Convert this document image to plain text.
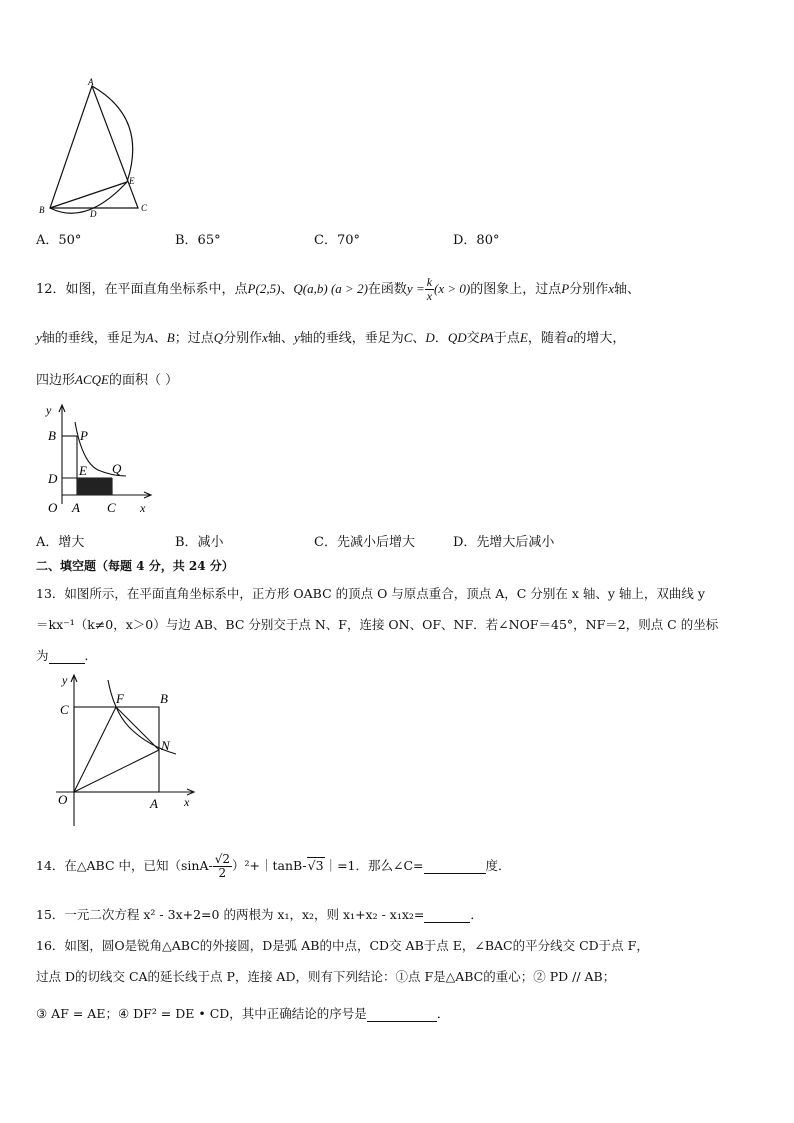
A
B	C
D
E
A．50°	B．65°	C．70°	D．80°
12．如图，在平面直角坐标系中，点P(2,5)、Q(a,b) (a > 2)在函数$y = \frac{k}{x} (x > 0)$的图象上，过点P分别作x轴、
y轴的垂线，垂足为A、B；过点Q分别作x轴、y轴的垂线，垂足为C、D．QD交PA于点E，随着a的增大，
四边形ACQE的面积（ ）
y
B P
E Q
D
O A C x
A．增大	B．减小	C．先减小后增大	D．先增大后减小
二、填空题（每题 4 分，共 24 分）
13．如图所示，在平面直角坐标系中，正方形 OABC 的顶点 O 与原点重合，顶点 A，C 分别在 x 轴、y 轴上，双曲线 y
＝kx⁻¹（k≠0，x＞0）与边 AB、BC 分别交于点 N、F，连接 ON、OF、NF．若∠NOF＝45°，NF＝2，则点 C 的坐标
为	．
y
C
F	B
N
O	A x
14．在△ABC 中，已知（$\sin A- \frac{√2}{2}$ ）²+｜tanB-√3｜=1．那么∠C=	度．
15．一元二次方程 x² - 3x+2=0 的两根为 x₁，x₂，则 x₁+x₂ - x₁x₂=	．
16．如图，圆O是锐角△ABC的外接圆，D是弧 AB的中点，CD交 AB于点 E，∠BAC的平分线交 CD于点 F，
过点 D的切线交 CA的延长线于点 P，连接 AD，则有下列结论：①点 F是△ABC的重心；② PD // AB；
③ AF = AE；④ DF² = DE • CD，其中正确结论的序号是	．
